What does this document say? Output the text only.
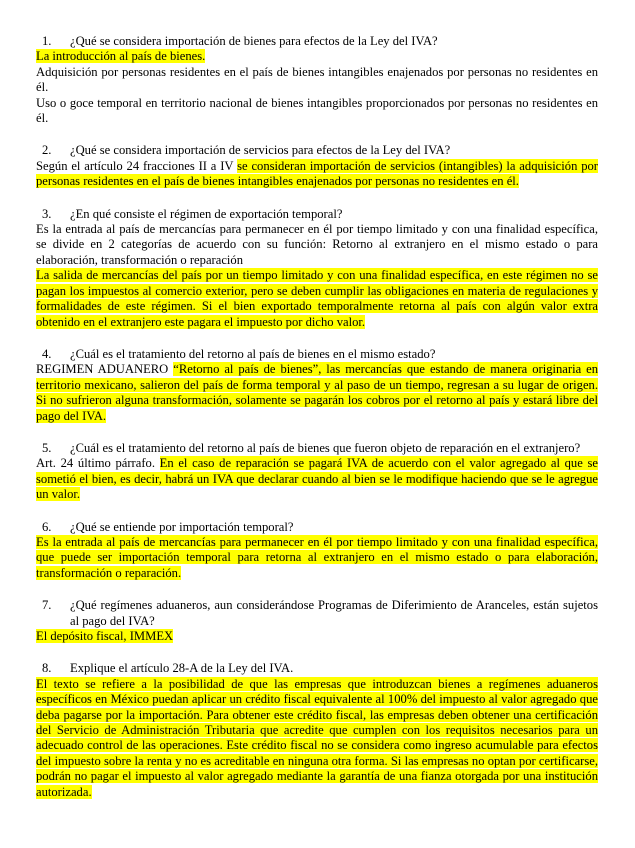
1.	¿Qué se considera importación de bienes para efectos de la Ley del IVA?

La introducción al país de bienes.

Adquisición por personas residentes en el país de bienes intangibles enajenados por personas no residentes en él.

Uso o goce temporal en territorio nacional de bienes intangibles proporcionados por personas no residentes en él.

2.	¿Qué se considera importación de servicios para efectos de la Ley del IVA?

Según el artículo 24 fracciones II a IV se consideran importación de servicios (intangibles) la adquisición por personas residentes en el país de bienes intangibles enajenados por personas no residentes en él.

3.	¿En qué consiste el régimen de exportación temporal?

Es la entrada al país de mercancías para permanecer en él por tiempo limitado y con una finalidad específica, se divide en 2 categorías de acuerdo con su función: Retorno al extranjero en el mismo estado o para elaboración, transformación o reparación

La salida de mercancías del país por un tiempo limitado y con una finalidad específica, en este régimen no se pagan los impuestos al comercio exterior, pero se deben cumplir las obligaciones en materia de regulaciones y formalidades de este régimen. Si el bien exportado temporalmente retorna al país con algún valor extra obtenido en el extranjero este pagara el impuesto por dicho valor.

4.	¿Cuál es el tratamiento del retorno al país de bienes en el mismo estado?

REGIMEN ADUANERO “Retorno al país de bienes”, las mercancías que estando de manera originaria en territorio mexicano, salieron del país de forma temporal y al paso de un tiempo, regresan a su lugar de origen. Si no sufrieron alguna transformación, solamente se pagarán los cobros por el retorno al país y estará libre del pago del IVA.

5.	¿Cuál es el tratamiento del retorno al país de bienes que fueron objeto de reparación en el extranjero?

Art. 24 último párrafo. En el caso de reparación se pagará IVA de acuerdo con el valor agregado al que se sometió el bien, es decir, habrá un IVA que declarar cuando al bien se le modifique haciendo que se le agregue un valor.

6.	¿Qué se entiende por importación temporal?

Es la entrada al país de mercancías para permanecer en él por tiempo limitado y con una finalidad específica, que puede ser importación temporal para retorna al extranjero en el mismo estado o para elaboración, transformación o reparación.

7.	¿Qué regímenes aduaneros, aun considerándose Programas de Diferimiento de Aranceles, están sujetos al pago del IVA?

El depósito fiscal, IMMEX

8.	Explique el artículo 28-A de la Ley del IVA.

El texto se refiere a la posibilidad de que las empresas que introduzcan bienes a regímenes aduaneros específicos en México puedan aplicar un crédito fiscal equivalente al 100% del impuesto al valor agregado que deba pagarse por la importación. Para obtener este crédito fiscal, las empresas deben obtener una certificación del Servicio de Administración Tributaria que acredite que cumplen con los requisitos necesarios para un adecuado control de las operaciones. Este crédito fiscal no se considera como ingreso acumulable para efectos del impuesto sobre la renta y no es acreditable en ninguna otra forma. Si las empresas no optan por certificarse, podrán no pagar el impuesto al valor agregado mediante la garantía de una fianza otorgada por una institución autorizada.
